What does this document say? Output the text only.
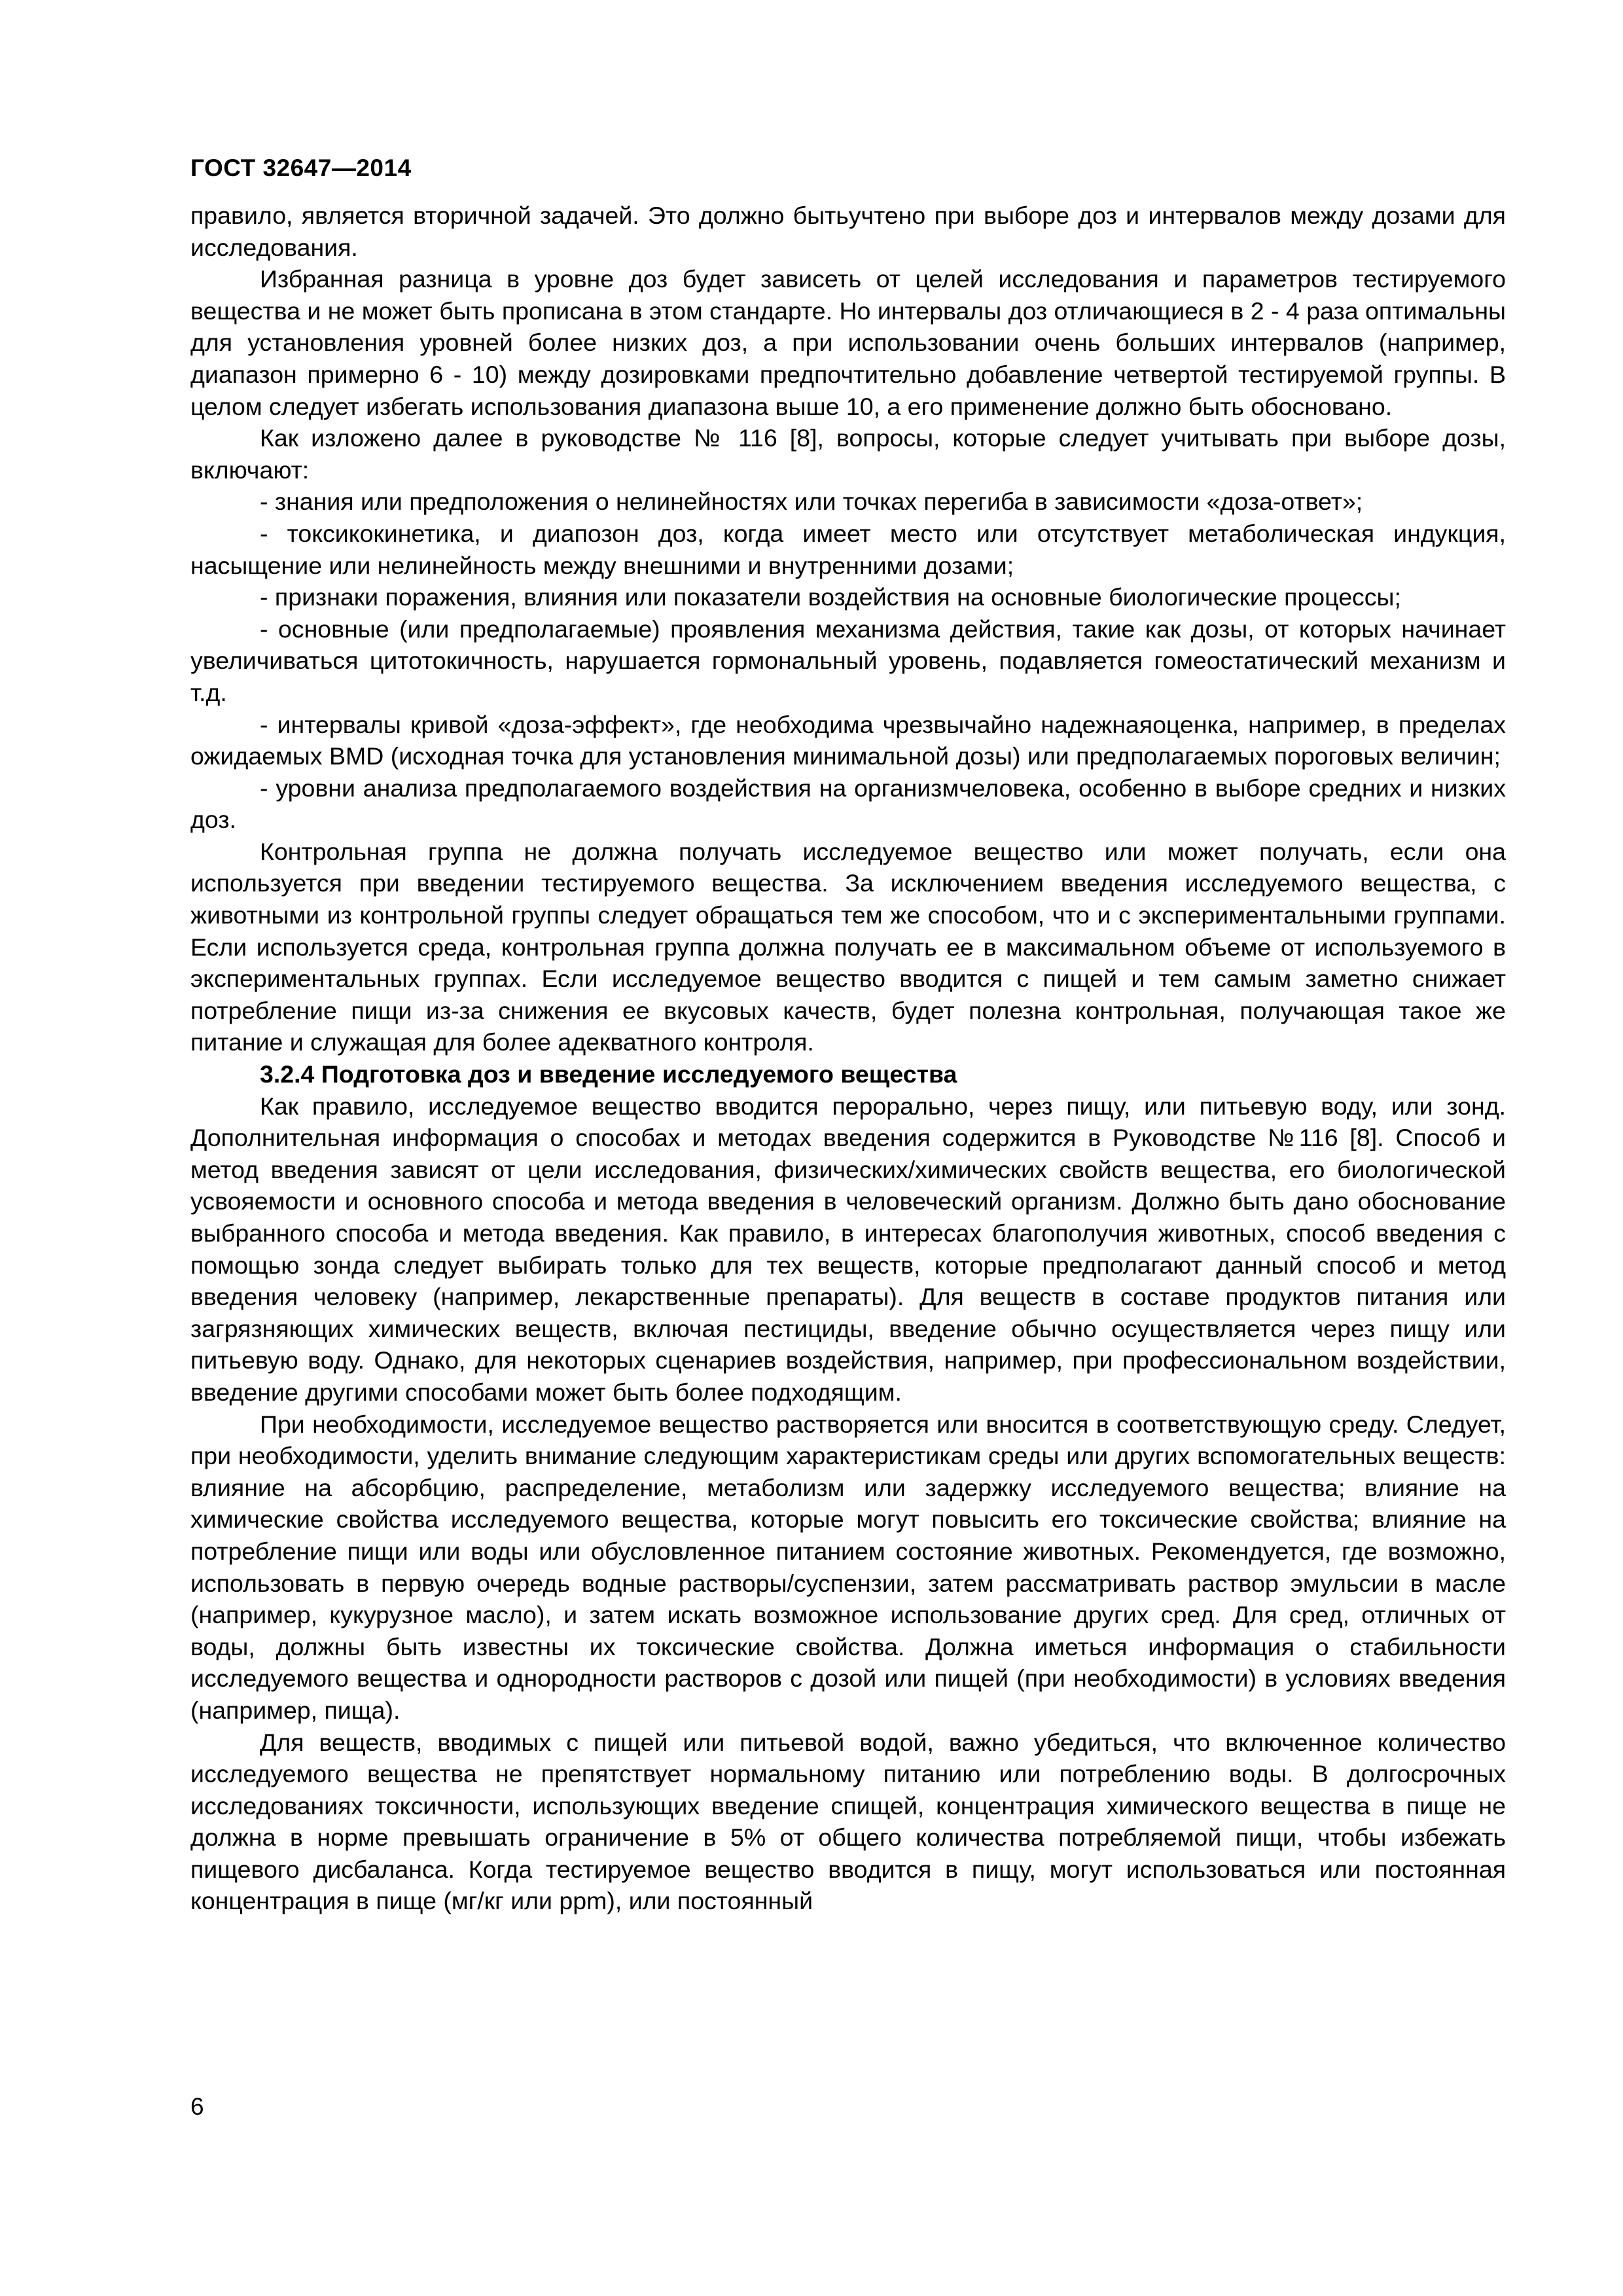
ГОСТ 32647—2014

правило, является вторичной задачей. Это должно бытьучтено при выборе доз и интервалов между дозами для исследования.

Избранная разница в уровне доз будет зависеть от целей исследования и параметров тестируемого вещества и не может быть прописана в этом стандарте. Но интервалы доз отличающиеся в 2 - 4 раза оптимальны для установления уровней более низких доз, а при использовании очень больших интервалов (например, диапазон примерно 6 - 10) между дозировками предпочтительно добавление четвертой тестируемой группы. В целом следует избегать использования диапазона выше 10, а его применение должно быть обосновано.

Как изложено далее в руководстве № 116 [8], вопросы, которые следует учитывать при выборе дозы, включают:

- знания или предположения о нелинейностях или точках перегиба в зависимости «доза-ответ»;

- токсикокинетика, и диапозон доз, когда имеет место или отсутствует метаболическая индукция, насыщение или нелинейность между внешними и внутренними дозами;

- признаки поражения, влияния или показатели воздействия на основные биологические процессы;

- основные (или предполагаемые) проявления механизма действия, такие как дозы, от которых начинает увеличиваться цитотокичность, нарушается гормональный уровень, подавляется гомеостатический механизм и т.д.

- интервалы кривой «доза-эффект», где необходима чрезвычайно надежнаяоценка, например, в пределах ожидаемых BMD (исходная точка для установления минимальной дозы) или предполагаемых пороговых величин;

- уровни анализа предполагаемого воздействия на организмчеловека, особенно в выборе средних и низких доз.

Контрольная группа не должна получать исследуемое вещество или может получать, если она используется при введении тестируемого вещества. За исключением введения исследуемого вещества, с животными из контрольной группы следует обращаться тем же способом, что и с экспериментальными группами. Если используется среда, контрольная группа должна получать ее в максимальном объеме от используемого в экспериментальных группах. Если исследуемое вещество вводится с пищей и тем самым заметно снижает потребление пищи из-за снижения ее вкусовых качеств, будет полезна контрольная, получающая такое же питание и служащая для более адекватного контроля.

3.2.4 Подготовка доз и введение исследуемого вещества

Как правило, исследуемое вещество вводится перорально, через пищу, или питьевую воду, или зонд. Дополнительная информация о способах и методах введения содержится в Руководстве №116 [8]. Способ и метод введения зависят от цели исследования, физических/химических свойств вещества, его биологической усвояемости и основного способа и метода введения в человеческий организм. Должно быть дано обоснование выбранного способа и метода введения. Как правило, в интересах благополучия животных, способ введения с помощью зонда следует выбирать только для тех веществ, которые предполагают данный способ и метод введения человеку (например, лекарственные препараты). Для веществ в составе продуктов питания или загрязняющих химических веществ, включая пестициды, введение обычно осуществляется через пищу или питьевую воду. Однако, для некоторых сценариев воздействия, например, при профессиональном воздействии, введение другими способами может быть более подходящим.

При необходимости, исследуемое вещество растворяется или вносится в соответствующую среду. Следует, при необходимости, уделить внимание следующим характеристикам среды или других вспомогательных веществ: влияние на абсорбцию, распределение, метаболизм или задержку исследуемого вещества; влияние на химические свойства исследуемого вещества, которые могут повысить его токсические свойства; влияние на потребление пищи или воды или обусловленное питанием состояние животных. Рекомендуется, где возможно, использовать в первую очередь водные растворы/суспензии, затем рассматривать раствор эмульсии в масле (например, кукурузное масло), и затем искать возможное использование других сред. Для сред, отличных от воды, должны быть известны их токсические свойства. Должна иметься информация о стабильности исследуемого вещества и однородности растворов с дозой или пищей (при необходимости) в условиях введения (например, пища).

Для веществ, вводимых с пищей или питьевой водой, важно убедиться, что включенное количество исследуемого вещества не препятствует нормальному питанию или потреблению воды. В долгосрочных исследованиях токсичности, использующих введение спищей, концентрация химического вещества в пище не должна в норме превышать ограничение в 5% от общего количества потребляемой пищи, чтобы избежать пищевого дисбаланса. Когда тестируемое вещество вводится в пищу, могут использоваться или постоянная концентрация в пище (мг/кг или ppm), или постоянный

6
